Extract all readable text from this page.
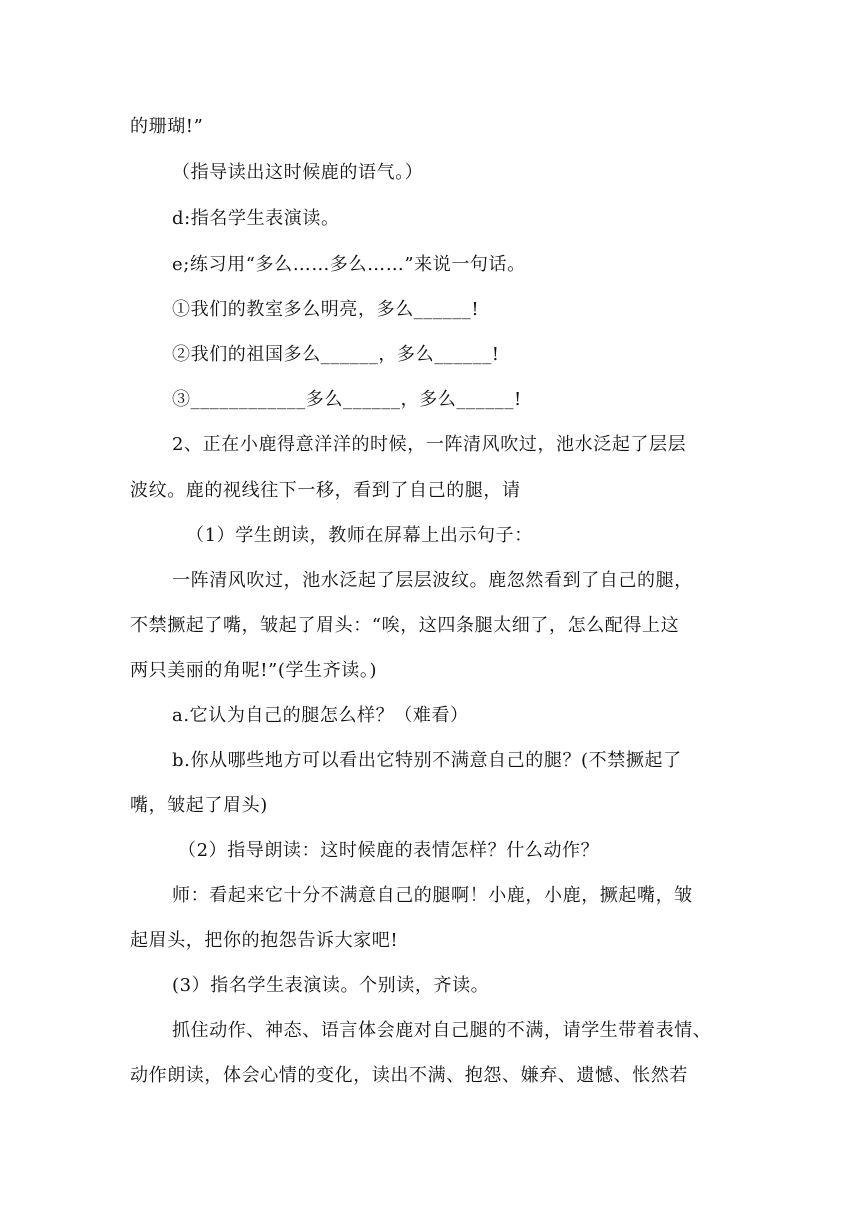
的珊瑚!”
（指导读出这时候鹿的语气。）
d:指名学生表演读。
e;练习用“多么……多么……”来说一句话。
①我们的教室多么明亮，多么______!
②我们的祖国多么______，多么______!
③____________多么______，多么______!
2、正在小鹿得意洋洋的时候，一阵清风吹过，池水泛起了层层
波纹。鹿的视线往下一移，看到了自己的腿，请
（1）学生朗读，教师在屏幕上出示句子：
一阵清风吹过，池水泛起了层层波纹。鹿忽然看到了自己的腿，
不禁撅起了嘴，皱起了眉头：“唉，这四条腿太细了，怎么配得上这
两只美丽的角呢!”(学生齐读。)
a.它认为自己的腿怎么样？（难看）
b.你从哪些地方可以看出它特别不满意自己的腿？(不禁撅起了
嘴，皱起了眉头)
（2）指导朗读：这时候鹿的表情怎样？什么动作？
师：看起来它十分不满意自己的腿啊！小鹿，小鹿，撅起嘴，皱
起眉头，把你的抱怨告诉大家吧!
(3）指名学生表演读。个别读，齐读。
抓住动作、神态、语言体会鹿对自己腿的不满，请学生带着表情、
动作朗读，体会心情的变化，读出不满、抱怨、嫌弃、遗憾、怅然若
